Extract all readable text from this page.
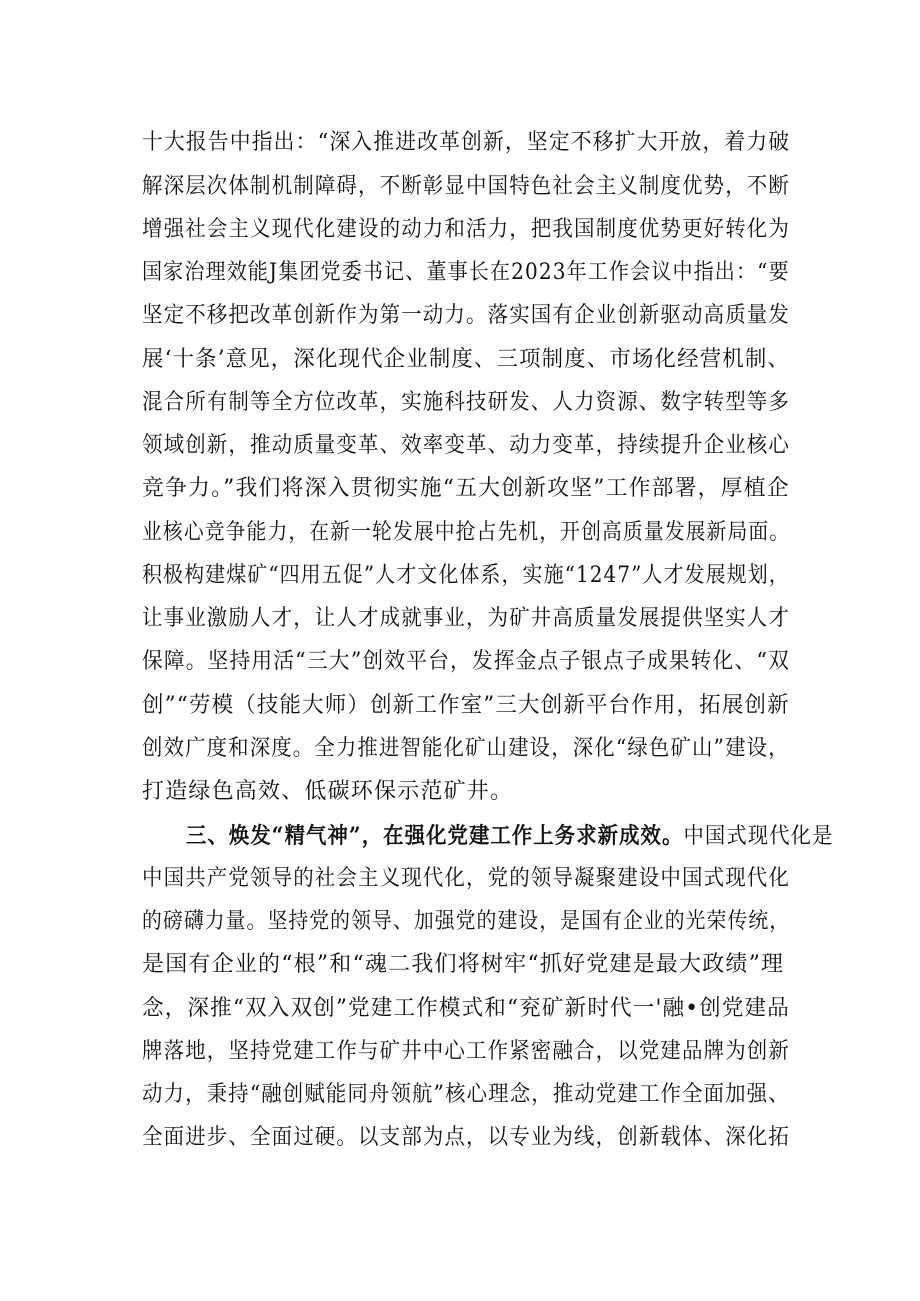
十大报告中指出：“深入推进改革创新，坚定不移扩大开放，着力破
解深层次体制机制障碍，不断彰显中国特色社会主义制度优势，不断
增强社会主义现代化建设的动力和活力，把我国制度优势更好转化为
国家治理效能J集团党委书记、董事长在2023年工作会议中指出：“要
坚定不移把改革创新作为第一动力。落实国有企业创新驱动高质量发
展‘十条’意见，深化现代企业制度、三项制度、市场化经营机制、
混合所有制等全方位改革，实施科技研发、人力资源、数字转型等多
领域创新，推动质量变革、效率变革、动力变革，持续提升企业核心
竞争力。”我们将深入贯彻实施“五大创新攻坚”工作部署，厚植企
业核心竞争能力，在新一轮发展中抢占先机，开创高质量发展新局面。
积极构建煤矿“四用五促”人才文化体系，实施“1247”人才发展规划，
让事业激励人才，让人才成就事业，为矿井高质量发展提供坚实人才
保障。坚持用活“三大”创效平台，发挥金点子银点子成果转化、“双
创”“劳模（技能大师）创新工作室”三大创新平台作用，拓展创新
创效广度和深度。全力推进智能化矿山建设，深化“绿色矿山”建设，
打造绿色高效、低碳环保示范矿井。
三、焕发“精气神”，在强化党建工作上务求新成效。中国式现代化是
中国共产党领导的社会主义现代化，党的领导凝聚建设中国式现代化
的磅礴力量。坚持党的领导、加强党的建设，是国有企业的光荣传统，
是国有企业的“根”和“魂二我们将树牢“抓好党建是最大政绩”理
念，深推“双入双创”党建工作模式和“兖矿新时代一'融•创党建品
牌落地，坚持党建工作与矿井中心工作紧密融合，以党建品牌为创新
动力，秉持“融创赋能同舟领航”核心理念，推动党建工作全面加强、
全面进步、全面过硬。以支部为点，以专业为线，创新载体、深化拓
